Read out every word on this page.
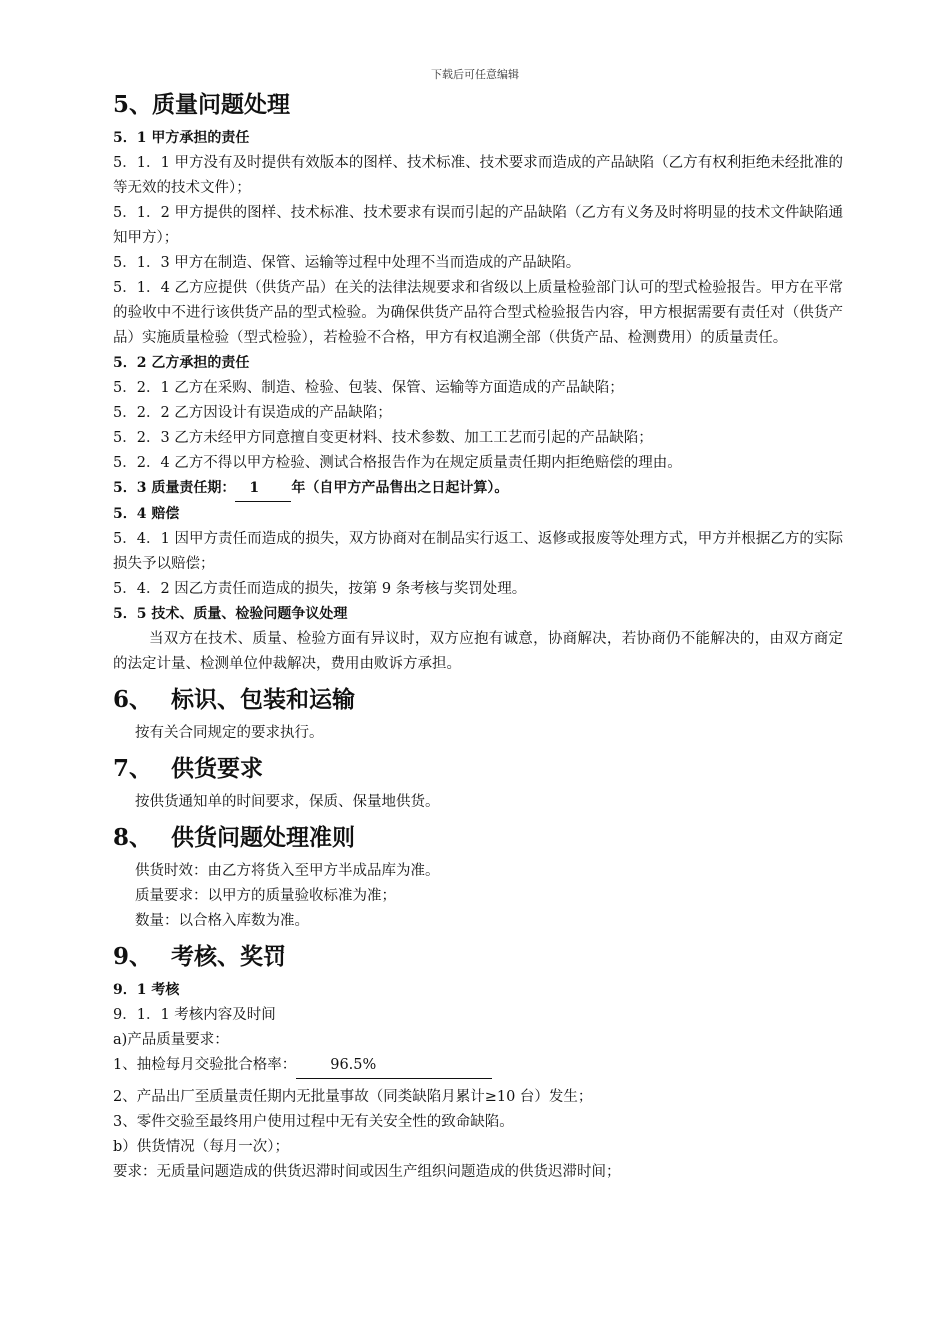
下载后可任意编辑
5、质量问题处理
5．1 甲方承担的责任
5．1．1 甲方没有及时提供有效版本的图样、技术标准、技术要求而造成的产品缺陷（乙方有权利拒绝未经批准的等无效的技术文件）；
5．1．2 甲方提供的图样、技术标准、技术要求有误而引起的产品缺陷（乙方有义务及时将明显的技术文件缺陷通知甲方）；
5．1．3 甲方在制造、保管、运输等过程中处理不当而造成的产品缺陷。
5．1．4 乙方应提供（供货产品）在关的法律法规要求和省级以上质量检验部门认可的型式检验报告。甲方在平常的验收中不进行该供货产品的型式检验。为确保供货产品符合型式检验报告内容，甲方根据需要有责任对（供货产品）实施质量检验（型式检验），若检验不合格，甲方有权追溯全部（供货产品、检测费用）的质量责任。
5．2 乙方承担的责任
5．2．1 乙方在采购、制造、检验、包装、保管、运输等方面造成的产品缺陷；
5．2．2 乙方因设计有误造成的产品缺陷；
5．2．3 乙方未经甲方同意擅自变更材料、技术参数、加工工艺而引起的产品缺陷；
5．2．4 乙方不得以甲方检验、测试合格报告作为在规定质量责任期内拒绝赔偿的理由。
5．3 质量责任期： 1 年（自甲方产品售出之日起计算）。
5．4 赔偿
5．4．1 因甲方责任而造成的损失，双方协商对在制品实行返工、返修或报废等处理方式，甲方并根据乙方的实际损失予以赔偿；
5．4．2 因乙方责任而造成的损失，按第 9 条考核与奖罚处理。
5．5 技术、质量、检验问题争议处理
当双方在技术、质量、检验方面有异议时，双方应抱有诚意，协商解决，若协商仍不能解决的，由双方商定的法定计量、检测单位仲裁解决，费用由败诉方承担。
6、 标识、包装和运输
按有关合同规定的要求执行。
7、 供货要求
按供货通知单的时间要求，保质、保量地供货。
8、 供货问题处理准则
供货时效：由乙方将货入至甲方半成品库为准。
质量要求：以甲方的质量验收标准为准；
数量：以合格入库数为准。
9、 考核、奖罚
9．1 考核
9．1．1 考核内容及时间
a)产品质量要求：
1、抽检每月交验批合格率： 96.5%
2、产品出厂至质量责任期内无批量事故（同类缺陷月累计≥10 台）发生；
3、零件交验至最终用户使用过程中无有关安全性的致命缺陷。
b）供货情况（每月一次）；
要求：无质量问题造成的供货迟滞时间或因生产组织问题造成的供货迟滞时间；
